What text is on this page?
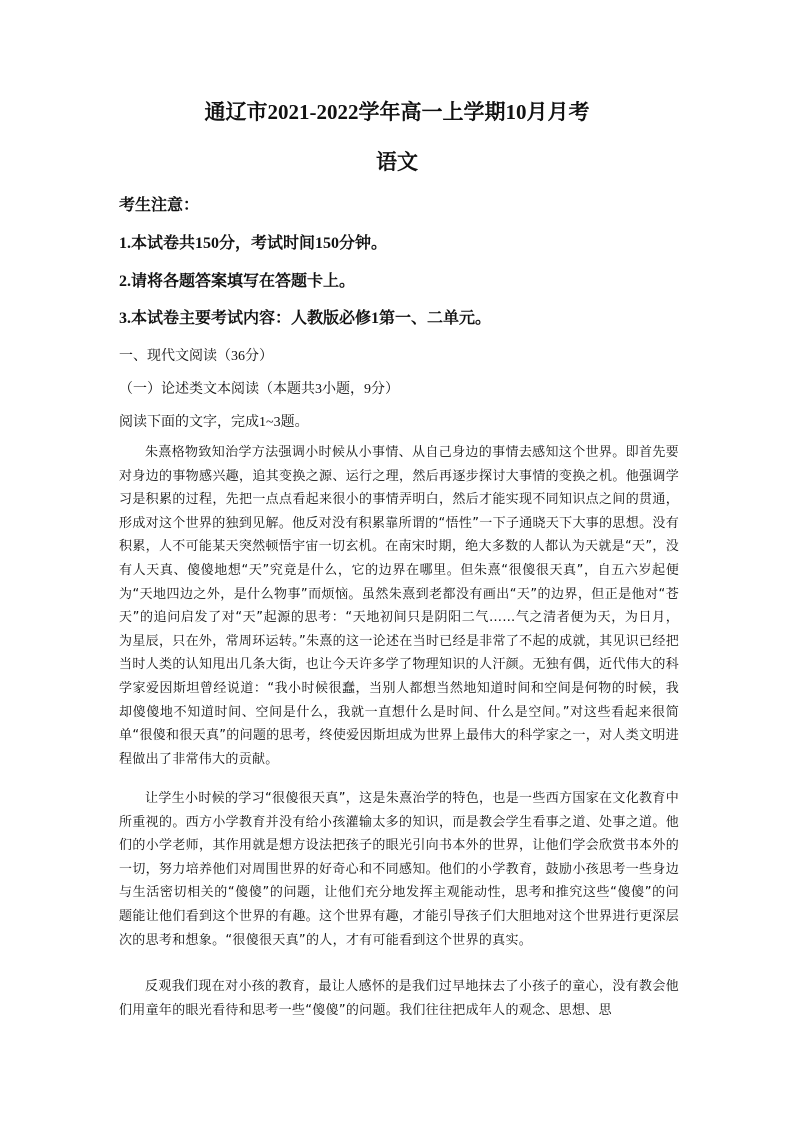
通辽市2021-2022学年高一上学期10月月考
语文
考生注意：
1.本试卷共150分，考试时间150分钟。
2.请将各题答案填写在答题卡上。
3.本试卷主要考试内容：人教版必修1第一、二单元。
一、现代文阅读（36分）
（一）论述类文本阅读（本题共3小题，9分）
阅读下面的文字，完成1~3题。

朱熹格物致知治学方法强调小时候从小事情、从自己身边的事情去感知这个世界。即首先要对身边的事物感兴趣，追其变换之源、运行之理，然后再逐步探讨大事情的变换之机。他强调学习是积累的过程，先把一点点看起来很小的事情弄明白，然后才能实现不同知识点之间的贯通，形成对这个世界的独到见解。他反对没有积累靠所谓的“悟性”一下子通晓天下大事的思想。没有积累，人不可能某天突然顿悟宇宙一切玄机。在南宋时期，绝大多数的人都认为天就是“天”，没有人天真、傻傻地想“天”究竟是什么，它的边界在哪里。但朱熹“很傻很天真”，自五六岁起便为“天地四边之外，是什么物事”而烦恼。虽然朱熹到老都没有画出“天”的边界，但正是他对“苍天”的追问启发了对“天”起源的思考：“天地初间只是阴阳二气……气之清者便为天，为日月，为星辰，只在外，常周环运转。”朱熹的这一论述在当时已经是非常了不起的成就，其见识已经把当时人类的认知甩出几条大街，也让今天许多学了物理知识的人汗颜。无独有偶，近代伟大的科学家爱因斯坦曾经说道：“我小时候很蠢，当别人都想当然地知道时间和空间是何物的时候，我却傻傻地不知道时间、空间是什么，我就一直想什么是时间、什么是空间。”对这些看起来很简单“很傻和很天真”的问题的思考，终使爱因斯坦成为世界上最伟大的科学家之一，对人类文明进程做出了非常伟大的贡献。

让学生小时候的学习“很傻很天真”，这是朱熹治学的特色，也是一些西方国家在文化教育中所重视的。西方小学教育并没有给小孩灌输太多的知识，而是教会学生看事之道、处事之道。他们的小学老师，其作用就是想方设法把孩子的眼光引向书本外的世界，让他们学会欣赏书本外的一切，努力培养他们对周围世界的好奇心和不同感知。他们的小学教育，鼓励小孩思考一些身边与生活密切相关的“傻傻”的问题，让他们充分地发挥主观能动性，思考和推究这些“傻傻”的问题能让他们看到这个世界的有趣。这个世界有趣，才能引导孩子们大胆地对这个世界进行更深层次的思考和想象。“很傻很天真”的人，才有可能看到这个世界的真实。

反观我们现在对小孩的教育，最让人感怀的是我们过早地抹去了小孩子的童心，没有教会他们用童年的眼光看待和思考一些“傻傻”的问题。我们往往把成年人的观念、思想、思
